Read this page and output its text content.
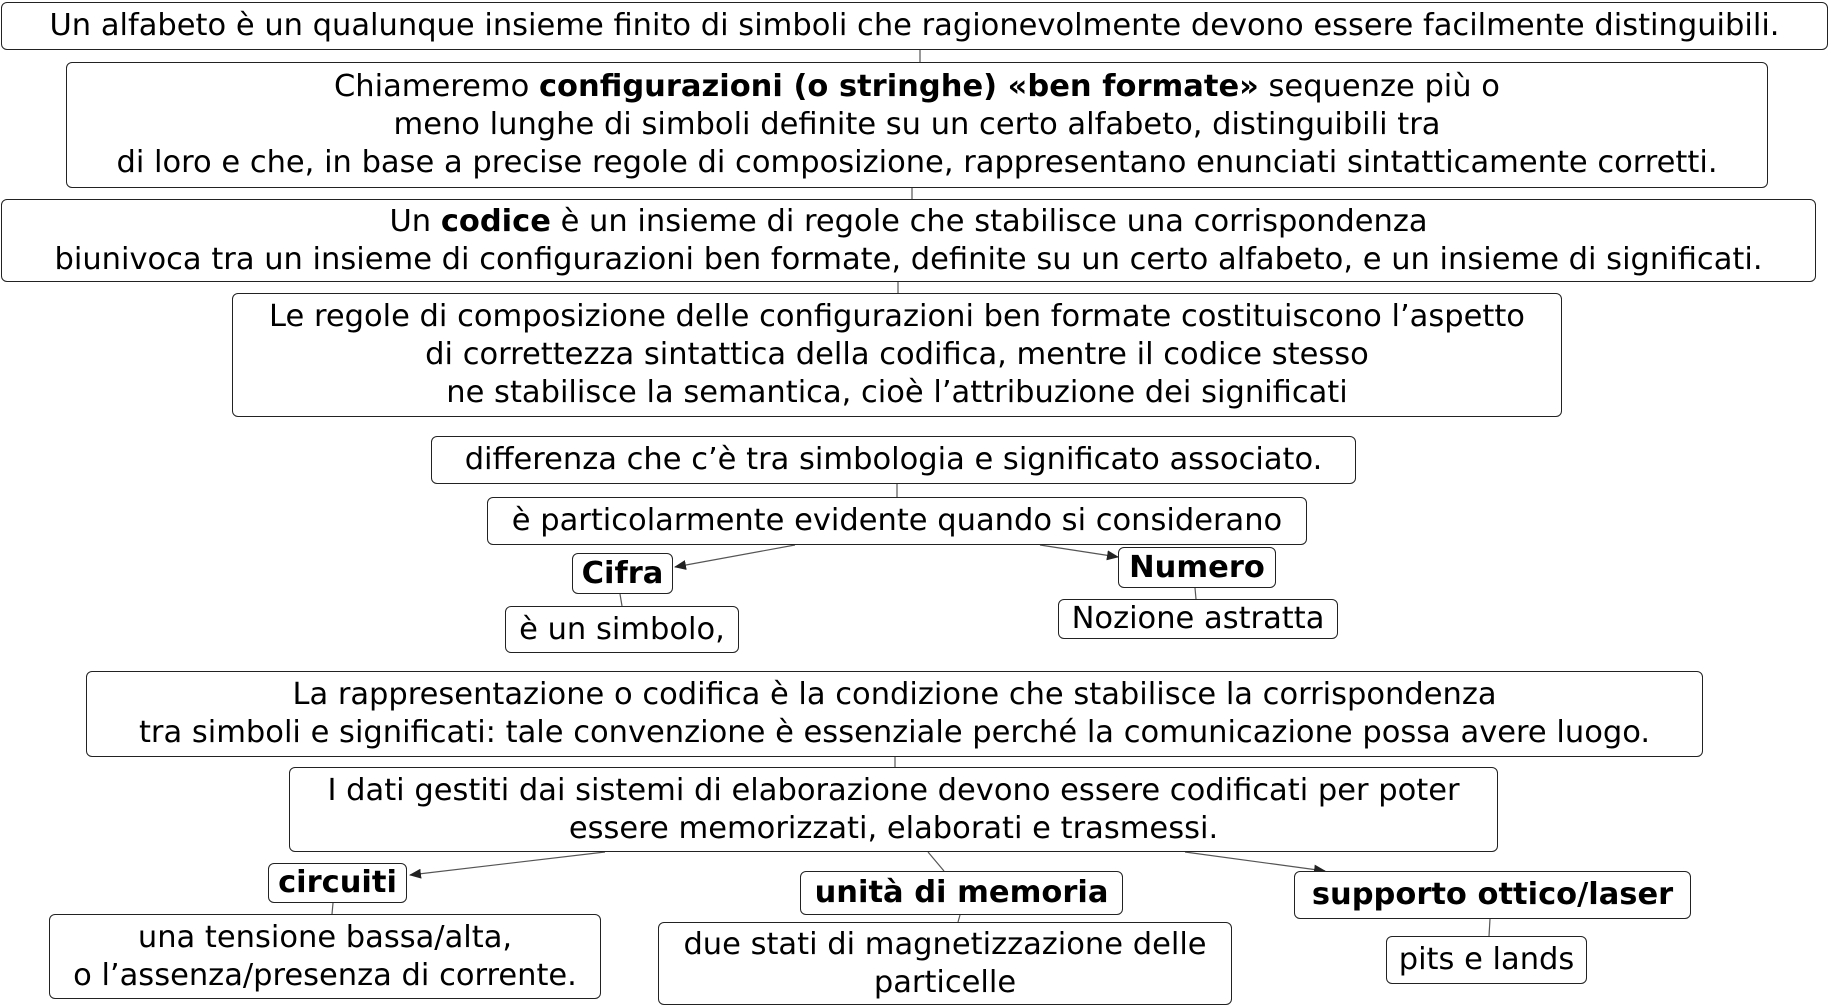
Un alfabeto è un qualunque insieme finito di simboli che ragionevolmente devono essere facilmente distinguibili.
Chiameremo configurazioni (o stringhe) «ben formate» sequenze più o
meno lunghe di simboli definite su un certo alfabeto, distinguibili tra
di loro e che, in base a precise regole di composizione, rappresentano enunciati sintatticamente corretti.
Un codice è un insieme di regole che stabilisce una corrispondenza
biunivoca tra un insieme di configurazioni ben formate, definite su un certo alfabeto, e un insieme di significati.
Le regole di composizione delle configurazioni ben formate costituiscono l’aspetto
di correttezza sintattica della codifica, mentre il codice stesso
ne stabilisce la semantica, cioè l’attribuzione dei significati
differenza che c’è tra simbologia e significato associato.
è particolarmente evidente quando si considerano
Cifra
è un simbolo,
Numero
Nozione astratta
La rappresentazione o codifica è la condizione che stabilisce la corrispondenza
tra simboli e significati: tale convenzione è essenziale perché la comunicazione possa avere luogo.
I dati gestiti dai sistemi di elaborazione devono essere codificati per poter
essere memorizzati, elaborati e trasmessi.
circuiti
una tensione bassa/alta,
o l’assenza/presenza di corrente.
unità di memoria
due stati di magnetizzazione delle
particelle
supporto ottico/laser
pits e lands
